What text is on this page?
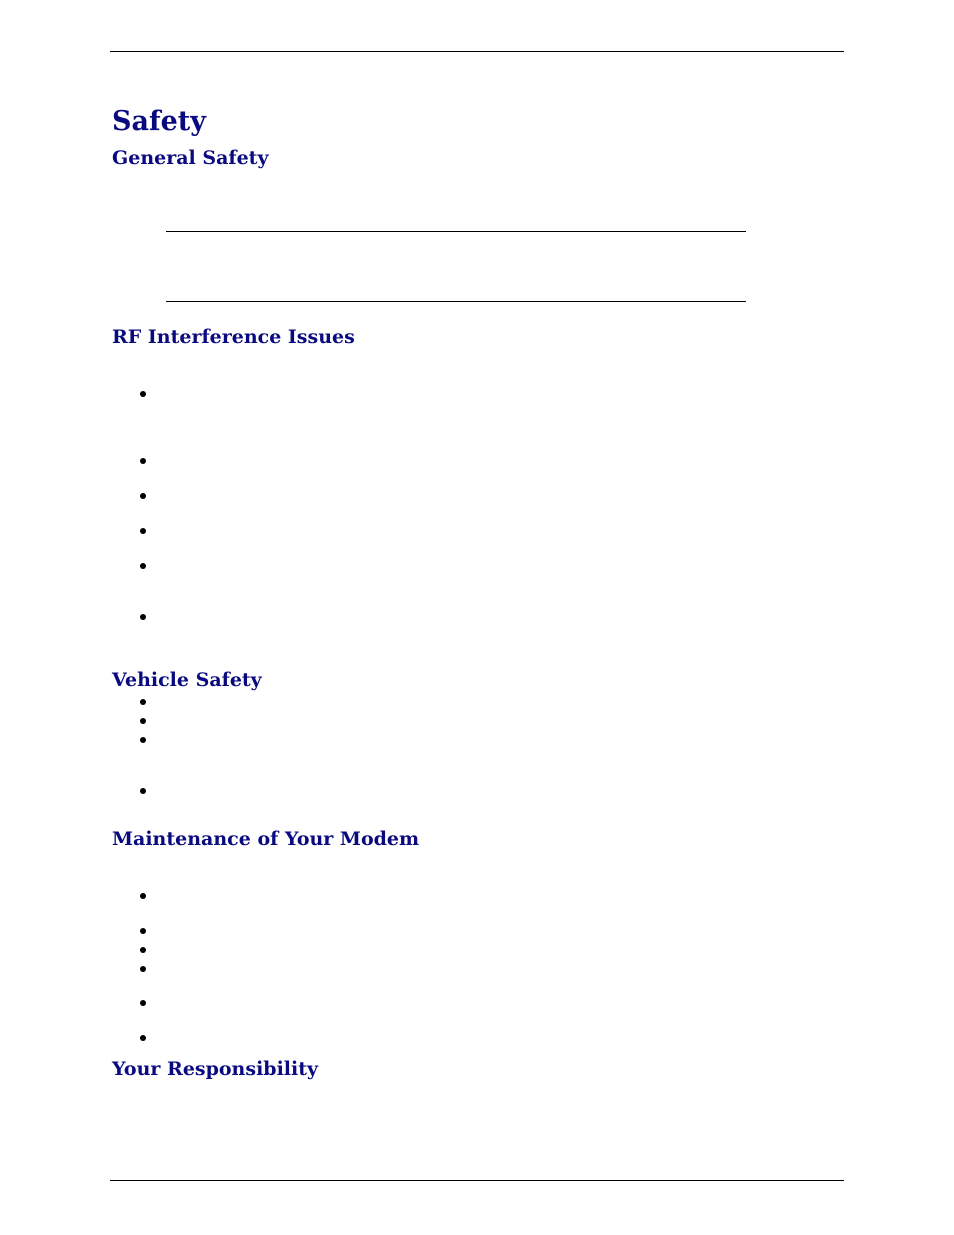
Safety
General Safety
RF Interference Issues
Vehicle Safety
Maintenance of Your Modem
Your Responsibility
